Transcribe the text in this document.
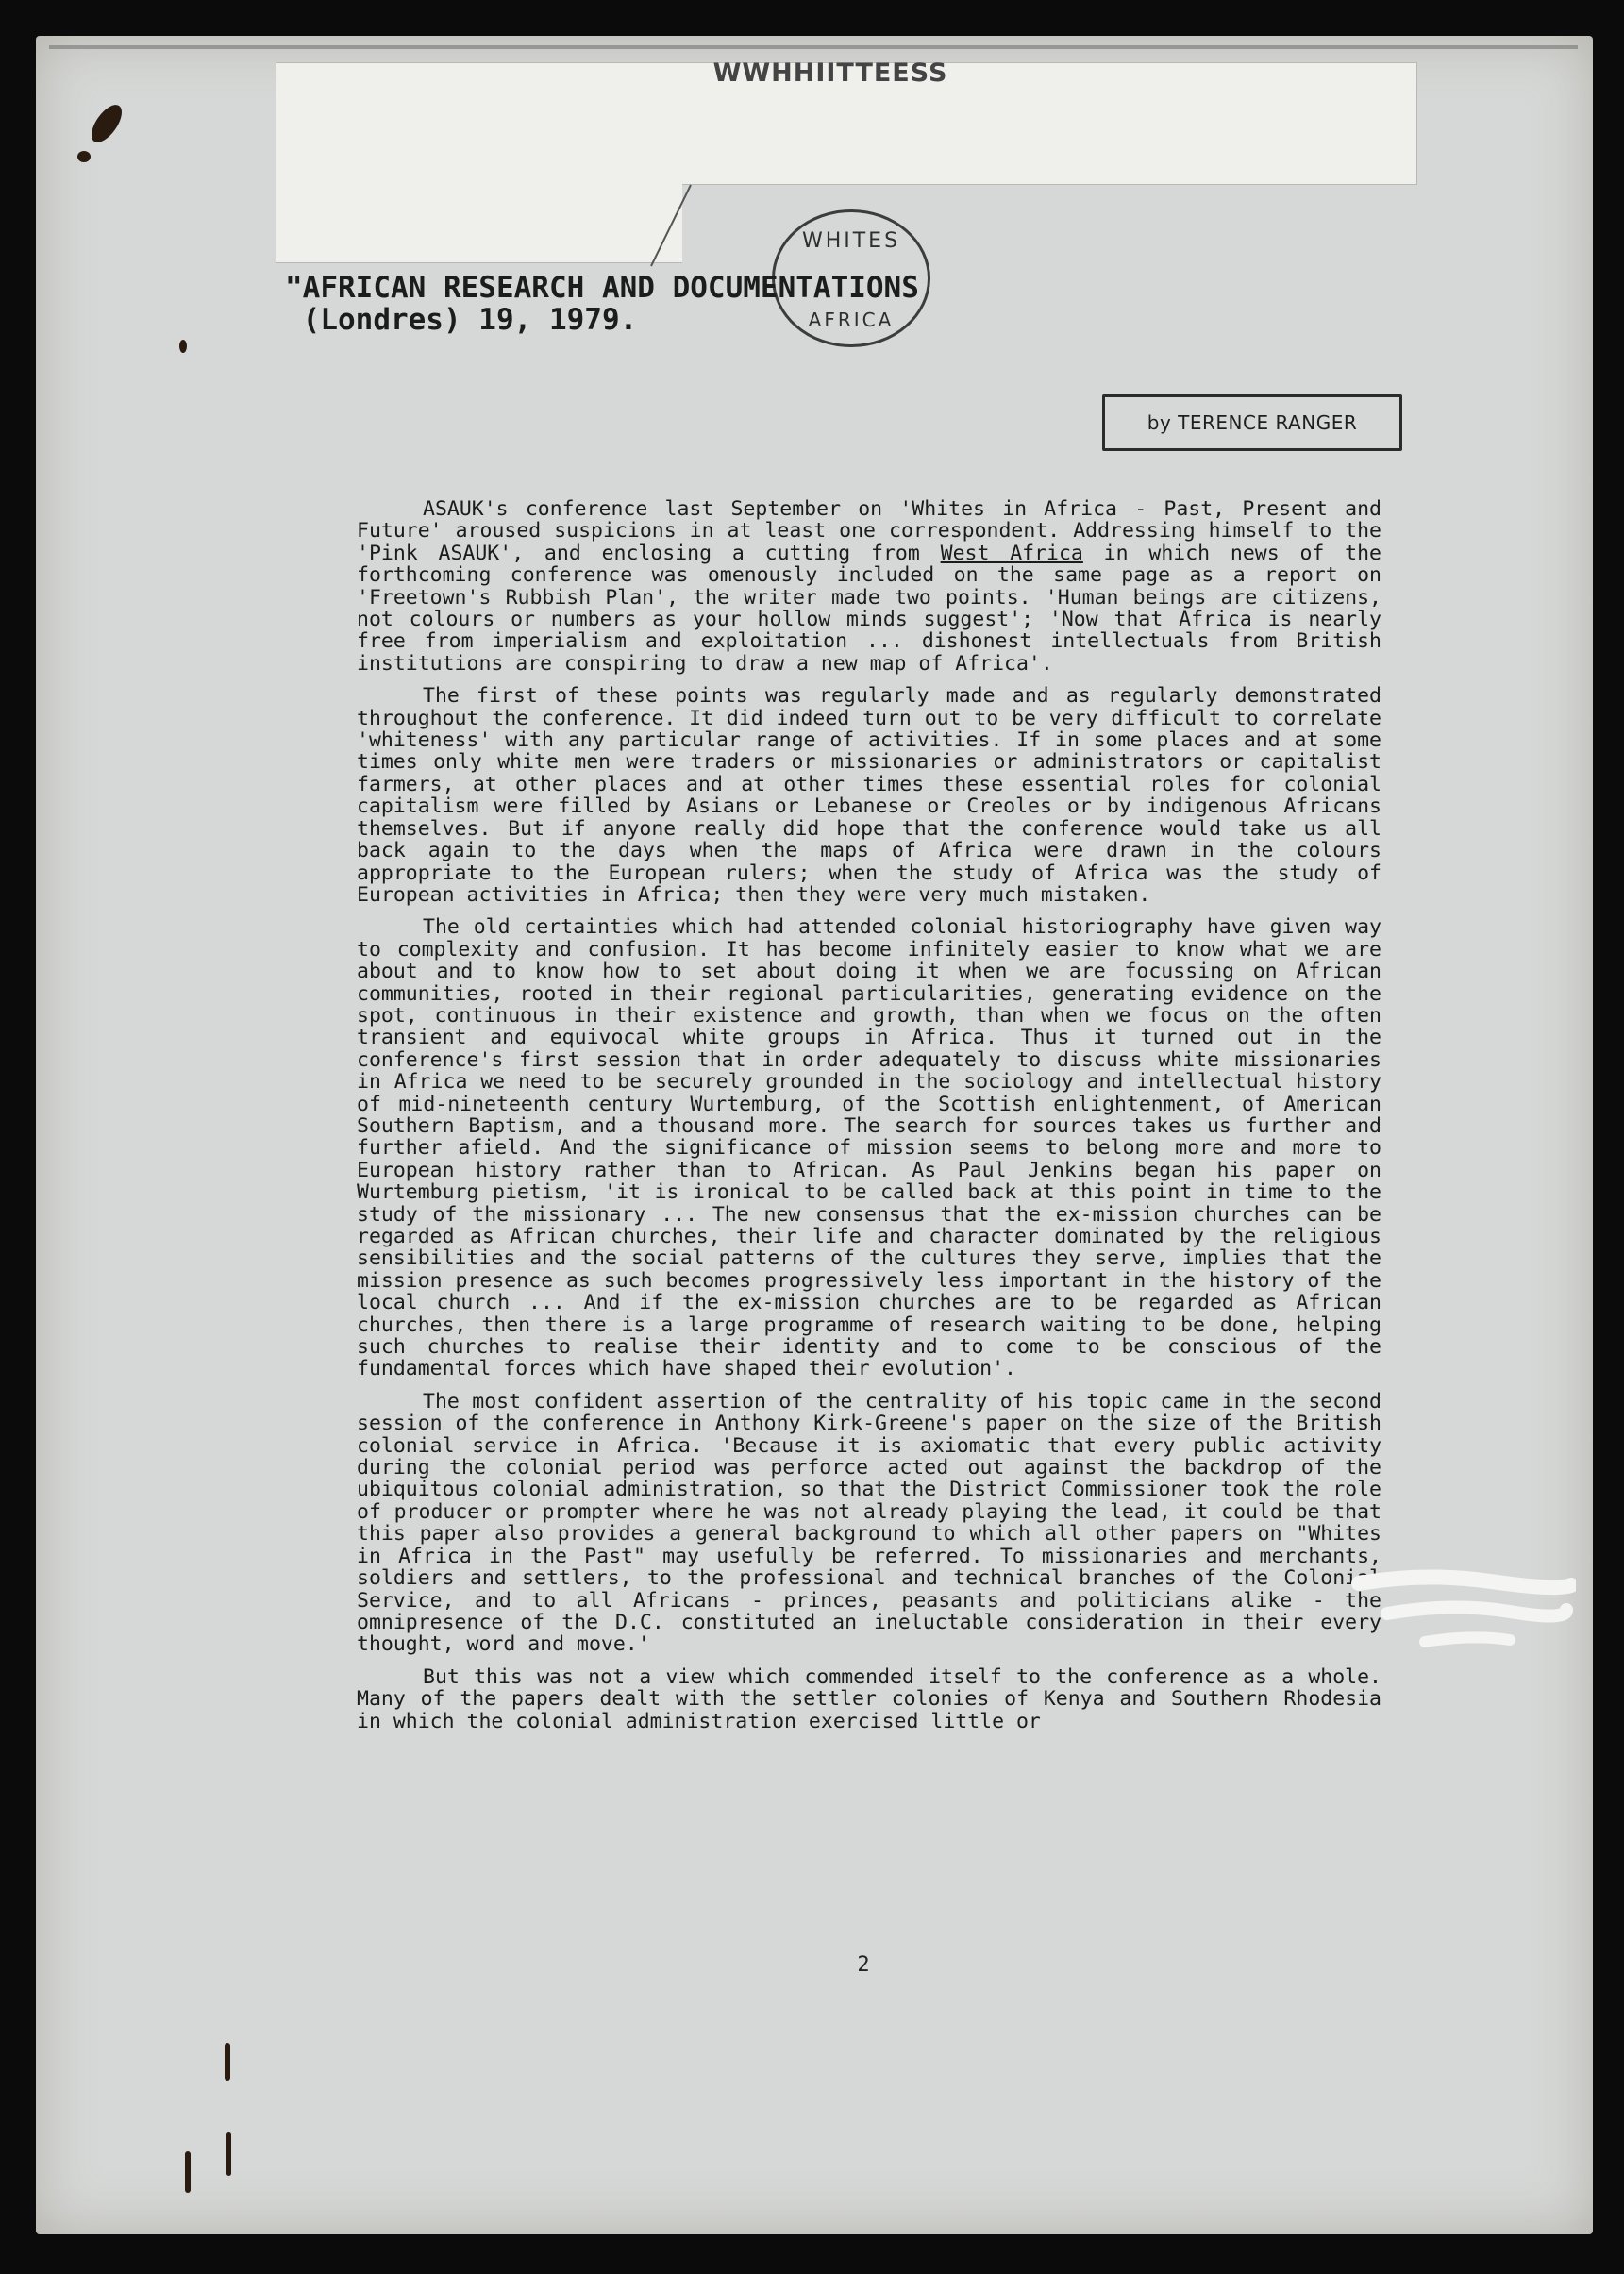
WWHHIITTEESS
WHITES
AFRICA
"AFRICAN RESEARCH AND DOCUMENTATIONS
(Londres) 19, 1979.
by TERENCE RANGER

ASAUK's conference last September on 'Whites in Africa - Past, Present and Future' aroused suspicions in at least one correspondent. Addressing himself to the 'Pink ASAUK', and enclosing a cutting from West Africa in which news of the forthcoming conference was omenously included on the same page as a report on 'Freetown's Rubbish Plan', the writer made two points. 'Human beings are citizens, not colours or numbers as your hollow minds suggest'; 'Now that Africa is nearly free from imperialism and exploitation ... dishonest intellectuals from British institutions are conspiring to draw a new map of Africa'.

The first of these points was regularly made and as regularly demonstrated throughout the conference. It did indeed turn out to be very difficult to correlate 'whiteness' with any particular range of activities. If in some places and at some times only white men were traders or missionaries or administrators or capitalist farmers, at other places and at other times these essential roles for colonial capitalism were filled by Asians or Lebanese or Creoles or by indigenous Africans themselves. But if anyone really did hope that the conference would take us all back again to the days when the maps of Africa were drawn in the colours appropriate to the European rulers; when the study of Africa was the study of European activities in Africa; then they were very much mistaken.

The old certainties which had attended colonial historiography have given way to complexity and confusion. It has become infinitely easier to know what we are about and to know how to set about doing it when we are focussing on African communities, rooted in their regional particularities, generating evidence on the spot, continuous in their existence and growth, than when we focus on the often transient and equivocal white groups in Africa. Thus it turned out in the conference's first session that in order adequately to discuss white missionaries in Africa we need to be securely grounded in the sociology and intellectual history of mid-nineteenth century Wurtemburg, of the Scottish enlightenment, of American Southern Baptism, and a thousand more. The search for sources takes us further and further afield. And the significance of mission seems to belong more and more to European history rather than to African. As Paul Jenkins began his paper on Wurtemburg pietism, 'it is ironical to be called back at this point in time to the study of the missionary ... The new consensus that the ex-mission churches can be regarded as African churches, their life and character dominated by the religious sensibilities and the social patterns of the cultures they serve, implies that the mission presence as such becomes progressively less important in the history of the local church ... And if the ex-mission churches are to be regarded as African churches, then there is a large programme of research waiting to be done, helping such churches to realise their identity and to come to be conscious of the fundamental forces which have shaped their evolution'.

The most confident assertion of the centrality of his topic came in the second session of the conference in Anthony Kirk-Greene's paper on the size of the British colonial service in Africa. 'Because it is axiomatic that every public activity during the colonial period was perforce acted out against the backdrop of the ubiquitous colonial administration, so that the District Commissioner took the role of producer or prompter where he was not already playing the lead, it could be that this paper also provides a general background to which all other papers on "Whites in Africa in the Past" may usefully be referred. To missionaries and merchants, soldiers and settlers, to the professional and technical branches of the Colonial Service, and to all Africans - princes, peasants and politicians alike - the omnipresence of the D.C. constituted an ineluctable consideration in their every thought, word and move.'

But this was not a view which commended itself to the conference as a whole. Many of the papers dealt with the settler colonies of Kenya and Southern Rhodesia in which the colonial administration exercised little or

2
